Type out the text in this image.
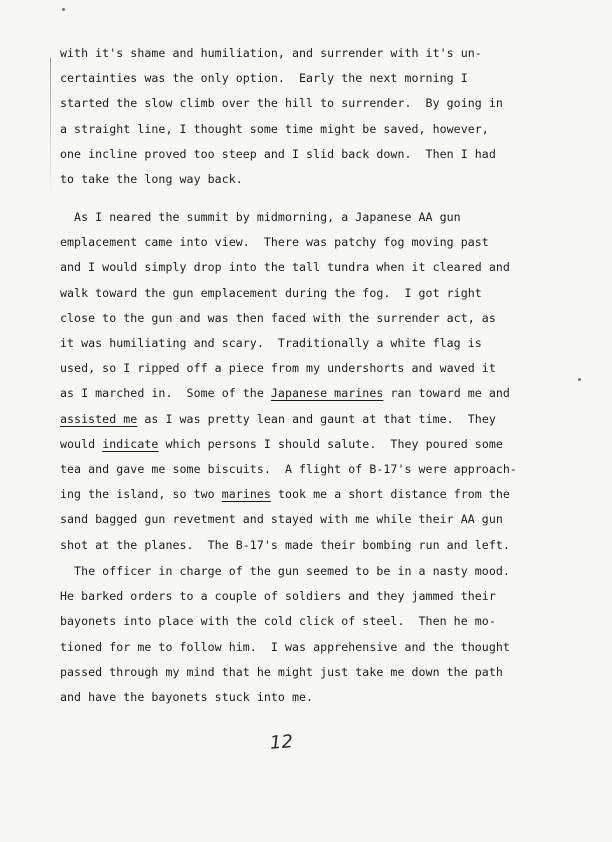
with it's shame and humiliation, and surrender with it's un-
certainties was the only option.  Early the next morning I
started the slow climb over the hill to surrender.  By going in
a straight line, I thought some time might be saved, however,
one incline proved too steep and I slid back down.  Then I had
to take the long way back.
As I neared the summit by midmorning, a Japanese AA gun
emplacement came into view.  There was patchy fog moving past
and I would simply drop into the tall tundra when it cleared and
walk toward the gun emplacement during the fog.  I got right
close to the gun and was then faced with the surrender act, as
it was humiliating and scary.  Traditionally a white flag is
used, so I ripped off a piece from my undershorts and waved it
as I marched in.  Some of the Japanese marines ran toward me and
assisted me as I was pretty lean and gaunt at that time.  They
would indicate which persons I should salute.  They poured some
tea and gave me some biscuits.  A flight of B-17's were approach-
ing the island, so two marines took me a short distance from the
sand bagged gun revetment and stayed with me while their AA gun
shot at the planes.  The B-17's made their bombing run and left.
The officer in charge of the gun seemed to be in a nasty mood.
He barked orders to a couple of soldiers and they jammed their
bayonets into place with the cold click of steel.  Then he mo-
tioned for me to follow him.  I was apprehensive and the thought
passed through my mind that he might just take me down the path
and have the bayonets stuck into me.
12
